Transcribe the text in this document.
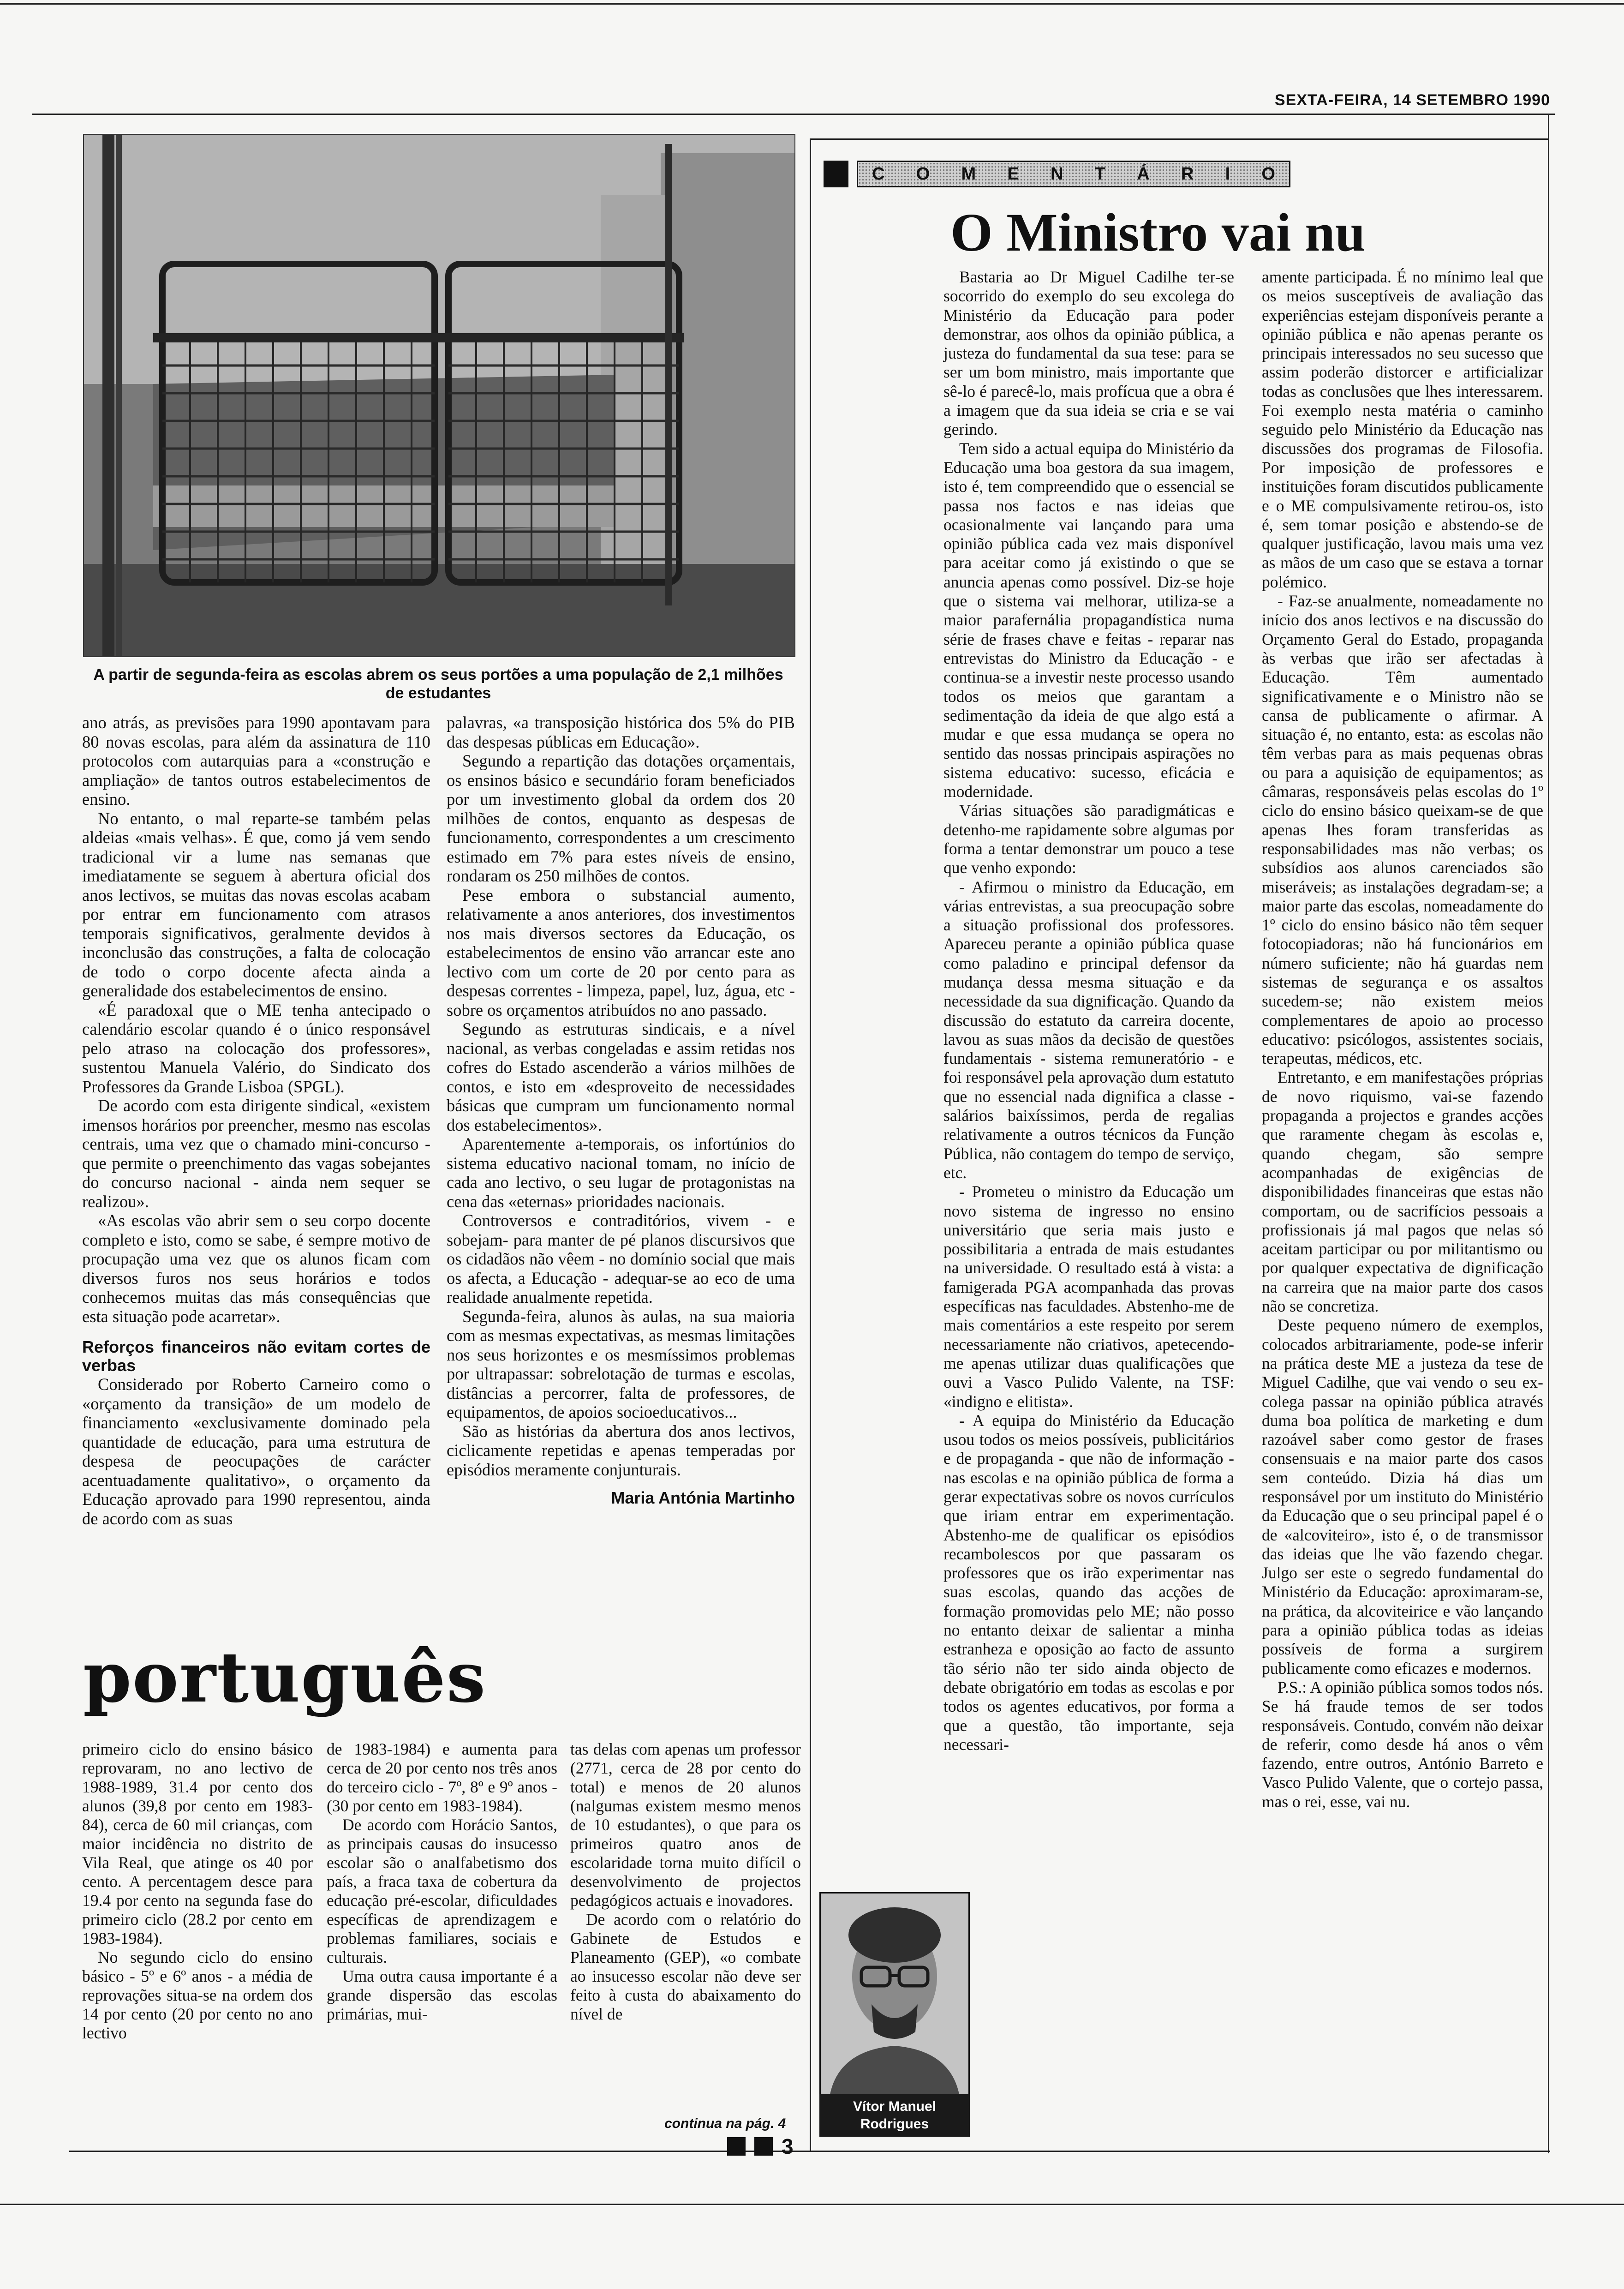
SEXTA-FEIRA, 14 SETEMBRO 1990
A partir de segunda-feira as escolas abrem os seus portões a uma população de 2,1 milhões de estudantes

ano atrás, as previsões para 1990 apontavam para 80 novas escolas, para além da assinatura de 110 protocolos com autarquias para a «construção e ampliação» de tantos outros estabelecimentos de ensino.

No entanto, o mal reparte-se também pelas aldeias «mais velhas». É que, como já vem sendo tradicional vir a lume nas semanas que imediatamente se seguem à abertura oficial dos anos lectivos, se muitas das novas escolas acabam por entrar em funcionamento com atrasos temporais significativos, geralmente devidos à inconclusão das construções, a falta de colocação de todo o corpo docente afecta ainda a generalidade dos estabelecimentos de ensino.

«É paradoxal que o ME tenha antecipado o calendário escolar quando é o único responsável pelo atraso na colocação dos professores», sustentou Manuela Valério, do Sindicato dos Professores da Grande Lisboa (SPGL).

De acordo com esta dirigente sindical, «existem imensos horários por preencher, mesmo nas escolas centrais, uma vez que o chamado mini-concurso - que permite o preenchimento das vagas sobejantes do concurso nacional - ainda nem sequer se realizou».

«As escolas vão abrir sem o seu corpo docente completo e isto, como se sabe, é sempre motivo de procupação uma vez que os alunos ficam com diversos furos nos seus horários e todos conhecemos muitas das más consequências que esta situação pode acarretar».

Reforços financeiros não evitam cortes de verbas

Considerado por Roberto Carneiro como o «orçamento da transição» de um modelo de financiamento «exclusivamente dominado pela quantidade de educação, para uma estrutura de despesa de peocupações de carácter acentuadamente qualitativo», o orçamento da Educação aprovado para 1990 representou, ainda de acordo com as suas

palavras, «a transposição histórica dos 5% do PIB das despesas públicas em Educação».

Segundo a repartição das dotações orçamentais, os ensinos básico e secundário foram beneficiados por um investimento global da ordem dos 20 milhões de contos, enquanto as despesas de funcionamento, correspondentes a um crescimento estimado em 7% para estes níveis de ensino, rondaram os 250 milhões de contos.

Pese embora o substancial aumento, relativamente a anos anteriores, dos investimentos nos mais diversos sectores da Educação, os estabelecimentos de ensino vão arrancar este ano lectivo com um corte de 20 por cento para as despesas correntes - limpeza, papel, luz, água, etc - sobre os orçamentos atribuídos no ano passado.

Segundo as estruturas sindicais, e a nível nacional, as verbas congeladas e assim retidas nos cofres do Estado ascenderão a vários milhões de contos, e isto em «desproveito de necessidades básicas que cumpram um funcionamento normal dos estabelecimentos».

Aparentemente a-temporais, os infortúnios do sistema educativo nacional tomam, no início de cada ano lectivo, o seu lugar de protagonistas na cena das «eternas» prioridades nacionais.

Controversos e contraditórios, vivem - e sobejam- para manter de pé planos discursivos que os cidadãos não vêem - no domínio social que mais os afecta, a Educação - adequar-se ao eco de uma realidade anualmente repetida.

Segunda-feira, alunos às aulas, na sua maioria com as mesmas expectativas, as mesmas limitações nos seus horizontes e os mesmíssimos problemas por ultrapassar: sobrelotação de turmas e escolas, distâncias a percorrer, falta de professores, de equipamentos, de apoios socioeducativos...

São as histórias da abertura dos anos lectivos, ciclicamente repetidas e apenas temperadas por episódios meramente conjunturais.

Maria Antónia Martinho
português

primeiro ciclo do ensino básico reprovaram, no ano lectivo de 1988-1989, 31.4 por cento dos alunos (39,8 por cento em 1983-84), cerca de 60 mil crianças, com maior incidência no distrito de Vila Real, que atinge os 40 por cento. A percentagem desce para 19.4 por cento na segunda fase do primeiro ciclo (28.2 por cento em 1983-1984).

No segundo ciclo do ensino básico - 5º e 6º anos - a média de reprovações situa-se na ordem dos 14 por cento (20 por cento no ano lectivo

de 1983-1984) e aumenta para cerca de 20 por cento nos três anos do terceiro ciclo - 7º, 8º e 9º anos - (30 por cento em 1983-1984).

De acordo com Horácio Santos, as principais causas do insucesso escolar são o analfabetismo dos país, a fraca taxa de cobertura da educação pré-escolar, dificuldades específicas de aprendizagem e problemas familiares, sociais e culturais.

Uma outra causa importante é a grande dispersão das escolas primárias, mui-

tas delas com apenas um professor (2771, cerca de 28 por cento do total) e menos de 20 alunos (nalgumas existem mesmo menos de 10 estudantes), o que para os primeiros quatro anos de escolaridade torna muito difícil o desenvolvimento de projectos pedagógicos actuais e inovadores.

De acordo com o relatório do Gabinete de Estudos e Planeamento (GEP), «o combate ao insucesso escolar não deve ser feito à custa do abaixamento do nível de

continua na pág. 4
C O M E N T Á R I O
O Ministro vai nu

Bastaria ao Dr Miguel Cadilhe ter-se socorrido do exemplo do seu excolega do Ministério da Educação para poder demonstrar, aos olhos da opinião pública, a justeza do fundamental da sua tese: para se ser um bom ministro, mais importante que sê-lo é parecê-lo, mais profícua que a obra é a imagem que da sua ideia se cria e se vai gerindo.

Tem sido a actual equipa do Ministério da Educação uma boa gestora da sua imagem, isto é, tem compreendido que o essencial se passa nos factos e nas ideias que ocasionalmente vai lançando para uma opinião pública cada vez mais disponível para aceitar como já existindo o que se anuncia apenas como possível. Diz-se hoje que o sistema vai melhorar, utiliza-se a maior parafernália propagandística numa série de frases chave e feitas - reparar nas entrevistas do Ministro da Educação - e continua-se a investir neste processo usando todos os meios que garantam a sedimentação da ideia de que algo está a mudar e que essa mudança se opera no sentido das nossas principais aspirações no sistema educativo: sucesso, eficácia e modernidade.

Várias situações são paradigmáticas e detenho-me rapidamente sobre algumas por forma a tentar demonstrar um pouco a tese que venho expondo:

- Afirmou o ministro da Educação, em várias entrevistas, a sua preocupação sobre a situação profissional dos professores. Apareceu perante a opinião pública quase como paladino e principal defensor da mudança dessa mesma situação e da necessidade da sua dignificação. Quando da discussão do estatuto da carreira docente, lavou as suas mãos da decisão de questões fundamentais - sistema remuneratório - e foi responsável pela aprovação dum estatuto que no essencial nada dignifica a classe - salários baixíssimos, perda de regalias relativamente a outros técnicos da Função Pública, não contagem do tempo de serviço, etc.

- Prometeu o ministro da Educação um novo sistema de ingresso no ensino universitário que seria mais justo e possibilitaria a entrada de mais estudantes na universidade. O resultado está à vista: a famigerada PGA acompanhada das provas específicas nas faculdades. Abstenho-me de mais comentários a este respeito por serem necessariamente não criativos, apetecendo-me apenas utilizar duas qualificações que ouvi a Vasco Pulido Valente, na TSF: «indigno e elitista».

- A equipa do Ministério da Educação usou todos os meios possíveis, publicitários e de propaganda - que não de informação - nas escolas e na opinião pública de forma a gerar expectativas sobre os novos currículos que iriam entrar em experimentação. Abstenho-me de qualificar os episódios recambolescos por que passaram os professores que os irão experimentar nas suas escolas, quando das acções de formação promovidas pelo ME; não posso no entanto deixar de salientar a minha estranheza e oposição ao facto de assunto tão sério não ter sido ainda objecto de debate obrigatório em todas as escolas e por todos os agentes educativos, por forma a que a questão, tão importante, seja necessari-

amente participada. É no mínimo leal que os meios susceptíveis de avaliação das experiências estejam disponíveis perante a opinião pública e não apenas perante os principais interessados no seu sucesso que assim poderão distorcer e artificializar todas as conclusões que lhes interessarem. Foi exemplo nesta matéria o caminho seguido pelo Ministério da Educação nas discussões dos programas de Filosofia. Por imposição de professores e instituições foram discutidos publicamente e o ME compulsivamente retirou-os, isto é, sem tomar posição e abstendo-se de qualquer justificação, lavou mais uma vez as mãos de um caso que se estava a tornar polémico.

- Faz-se anualmente, nomeadamente no início dos anos lectivos e na discussão do Orçamento Geral do Estado, propaganda às verbas que irão ser afectadas à Educação. Têm aumentado significativamente e o Ministro não se cansa de publicamente o afirmar. A situação é, no entanto, esta: as escolas não têm verbas para as mais pequenas obras ou para a aquisição de equipamentos; as câmaras, responsáveis pelas escolas do 1º ciclo do ensino básico queixam-se de que apenas lhes foram transferidas as responsabilidades mas não verbas; os subsídios aos alunos carenciados são miseráveis; as instalações degradam-se; a maior parte das escolas, nomeadamente do 1º ciclo do ensino básico não têm sequer fotocopiadoras; não há funcionários em número suficiente; não há guardas nem sistemas de segurança e os assaltos sucedem-se; não existem meios complementares de apoio ao processo educativo: psicólogos, assistentes sociais, terapeutas, médicos, etc.

Entretanto, e em manifestações próprias de novo riquismo, vai-se fazendo propaganda a projectos e grandes acções que raramente chegam às escolas e, quando chegam, são sempre acompanhadas de exigências de disponibilidades financeiras que estas não comportam, ou de sacrifícios pessoais a profissionais já mal pagos que nelas só aceitam participar ou por militantismo ou por qualquer expectativa de dignificação na carreira que na maior parte dos casos não se concretiza.

Deste pequeno número de exemplos, colocados arbitrariamente, pode-se inferir na prática deste ME a justeza da tese de Miguel Cadilhe, que vai vendo o seu ex-colega passar na opinião pública através duma boa política de marketing e dum razoável saber como gestor de frases consensuais e na maior parte dos casos sem conteúdo. Dizia há dias um responsável por um instituto do Ministério da Educação que o seu principal papel é o de «alcoviteiro», isto é, o de transmissor das ideias que lhe vão fazendo chegar. Julgo ser este o segredo fundamental do Ministério da Educação: aproximaram-se, na prática, da alcoviteirice e vão lançando para a opinião pública todas as ideias possíveis de forma a surgirem publicamente como eficazes e modernos.

P.S.: A opinião pública somos todos nós. Se há fraude temos de ser todos responsáveis. Contudo, convém não deixar de referir, como desde há anos o vêm fazendo, entre outros, António Barreto e Vasco Pulido Valente, que o cortejo passa, mas o rei, esse, vai nu.

Vítor Manuel Rodrigues
3
